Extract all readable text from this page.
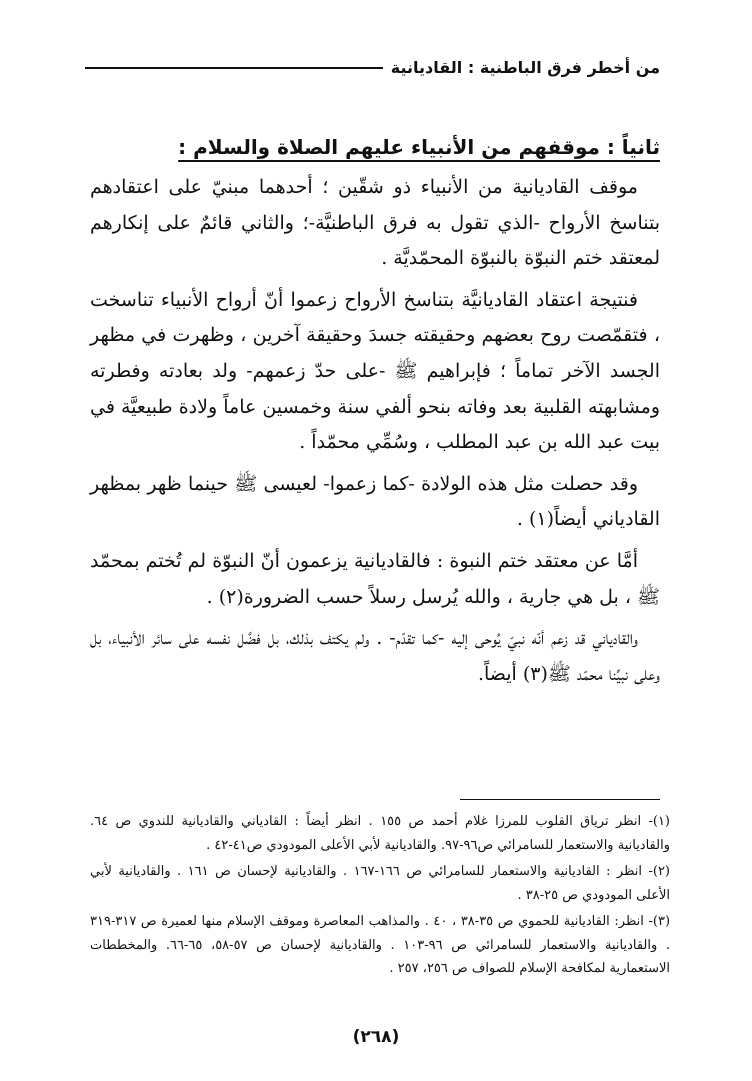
من أخطر فرق الباطنية : القاديانية

ثانياً : موقفهم من الأنبياء عليهم الصلاة والسلام :

موقف القاديانية من الأنبياء ذو شقّين ؛ أحدهما مبنيّ على اعتقادهم بتناسخ الأرواح -الذي تقول به فرق الباطنيَّة-؛ والثاني قائمٌ على إنكارهم لمعتقد ختم النبوّة بالنبوّة المحمّديَّة .

فنتيجة اعتقاد القاديانيَّة بتناسخ الأرواح زعموا أنّ أرواح الأنبياء تناسخت ، فتقمّصت روح بعضهم وحقيقته جسدَ وحقيقة آخرين ، وظهرت في مظهر الجسد الآخر تماماً ؛ فإبراهيم ﷺ -على حدّ زعمهم- ولد بعادته وفطرته ومشابهته القلبية بعد وفاته بنحو ألفي سنة وخمسين عاماً ولادة طبيعيَّة في بيت عبد الله بن عبد المطلب ، وسُمِّي محمّداً .

وقد حصلت مثل هذه الولادة -كما زعموا- لعيسى ﷺ حينما ظهر بمظهر القادياني أيضاً(١) .

أمَّا عن معتقد ختم النبوة : فالقاديانية يزعمون أنّ النبوّة لم تُختم بمحمّد ﷺ ، بل هي جارية ، والله يُرسل رسلاً حسب الضرورة(٢) .

والقادياني قد زعم أنّه نبيّ يُوحى إليه -كما تقدّم- . ولم يكتف بذلك، بل فضَّل نفسه على سائر الأنبياء، بل وعلى نبيِّنا محمّد ﷺ(٣) أيضاً.

(١)- انظر ترياق القلوب للمرزا غلام أحمد ص ١٥٥ . انظر أيضاً : القادياني والقاديانية للندوي ص ٦٤. والقاديانية والاستعمار للسامرائي ص٩٦-٩٧. والقاديانية لأبي الأعلى المودودي ص٤١-٤٢ .

(٢)- انظر : القاديانية والاستعمار للسامرائي ص ١٦٦-١٦٧ . والقاديانية لإحسان ص ١٦١ . والقاديانية لأبي الأعلى المودودي ص ٢٥-٣٨ .

(٣)- انظر: القاديانية للحموي ص ٣٥-٣٨ ، ٤٠ . والمذاهب المعاصرة وموقف الإسلام منها لعميرة ص ٣١٧-٣١٩ . والقاديانية والاستعمار للسامرائي ص ٩٦-١٠٣ . والقاديانية لإحسان ص ٥٧-٥٨، ٦٥-٦٦. والمخططات الاستعمارية لمكافحة الإسلام للصواف ص ٢٥٦، ٢٥٧ .

(٢٦٨)
